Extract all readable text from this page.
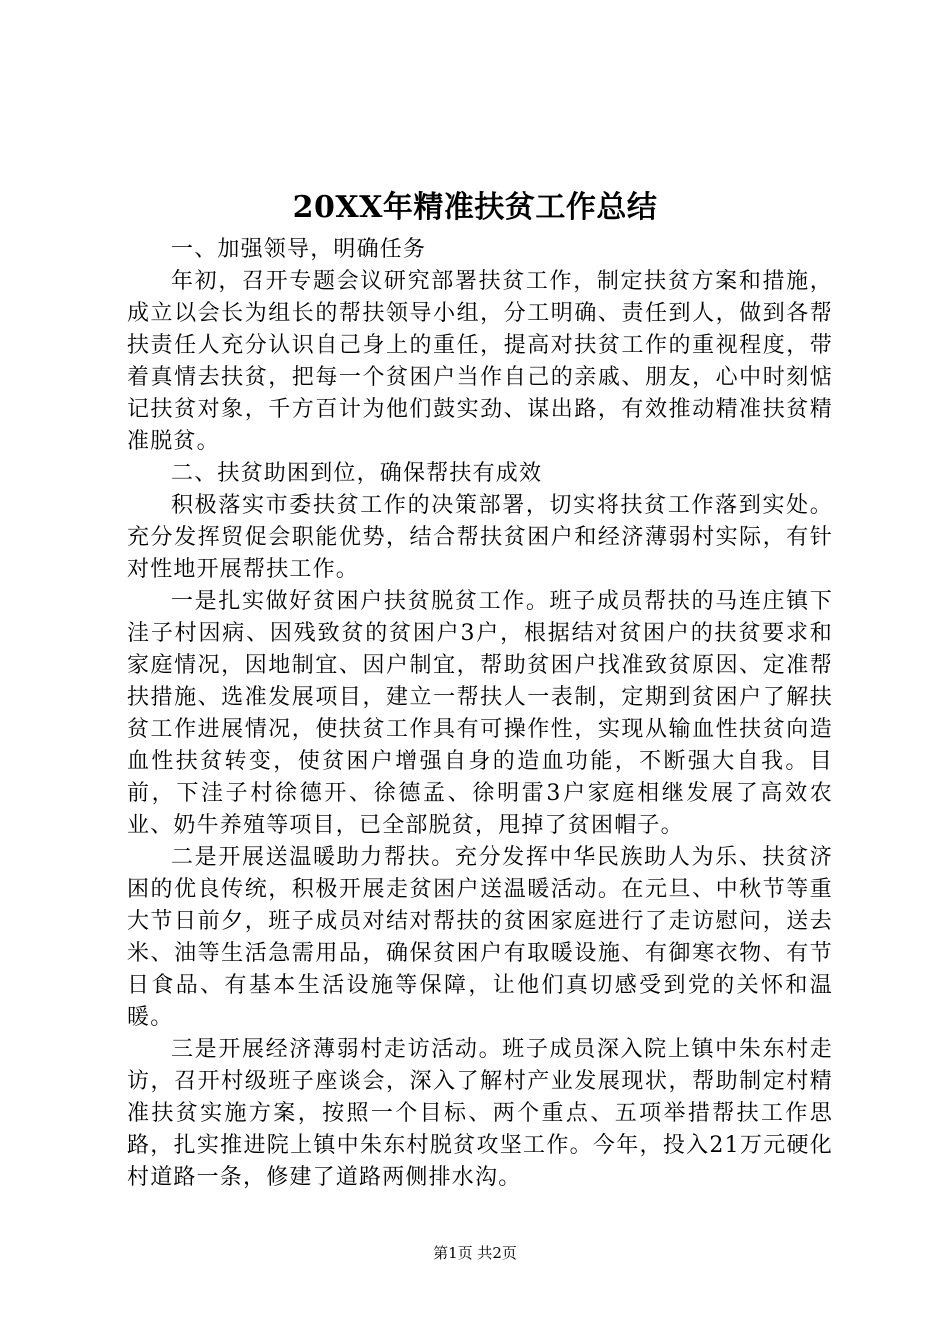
20XX年精准扶贫工作总结

一、加强领导，明确任务

年初，召开专题会议研究部署扶贫工作，制定扶贫方案和措施，成立以会长为组长的帮扶领导小组，分工明确、责任到人，做到各帮扶责任人充分认识自己身上的重任，提高对扶贫工作的重视程度，带着真情去扶贫，把每一个贫困户当作自己的亲戚、朋友，心中时刻惦记扶贫对象，千方百计为他们鼓实劲、谋出路，有效推动精准扶贫精准脱贫。

二、扶贫助困到位，确保帮扶有成效

积极落实市委扶贫工作的决策部署，切实将扶贫工作落到实处。充分发挥贸促会职能优势，结合帮扶贫困户和经济薄弱村实际，有针对性地开展帮扶工作。

一是扎实做好贫困户扶贫脱贫工作。班子成员帮扶的马连庄镇下洼子村因病、因残致贫的贫困户3户，根据结对贫困户的扶贫要求和家庭情况，因地制宜、因户制宜，帮助贫困户找准致贫原因、定准帮扶措施、选准发展项目，建立一帮扶人一表制，定期到贫困户了解扶贫工作进展情况，使扶贫工作具有可操作性，实现从输血性扶贫向造血性扶贫转变，使贫困户增强自身的造血功能，不断强大自我。目前，下洼子村徐德开、徐德孟、徐明雷3户家庭相继发展了高效农业、奶牛养殖等项目，已全部脱贫，甩掉了贫困帽子。

二是开展送温暖助力帮扶。充分发挥中华民族助人为乐、扶贫济困的优良传统，积极开展走贫困户送温暖活动。在元旦、中秋节等重大节日前夕，班子成员对结对帮扶的贫困家庭进行了走访慰问，送去米、油等生活急需用品，确保贫困户有取暖设施、有御寒衣物、有节日食品、有基本生活设施等保障，让他们真切感受到党的关怀和温暖。

三是开展经济薄弱村走访活动。班子成员深入院上镇中朱东村走访，召开村级班子座谈会，深入了解村产业发展现状，帮助制定村精准扶贫实施方案，按照一个目标、两个重点、五项举措帮扶工作思路，扎实推进院上镇中朱东村脱贫攻坚工作。今年，投入21万元硬化村道路一条，修建了道路两侧排水沟。

第1页 共2页
